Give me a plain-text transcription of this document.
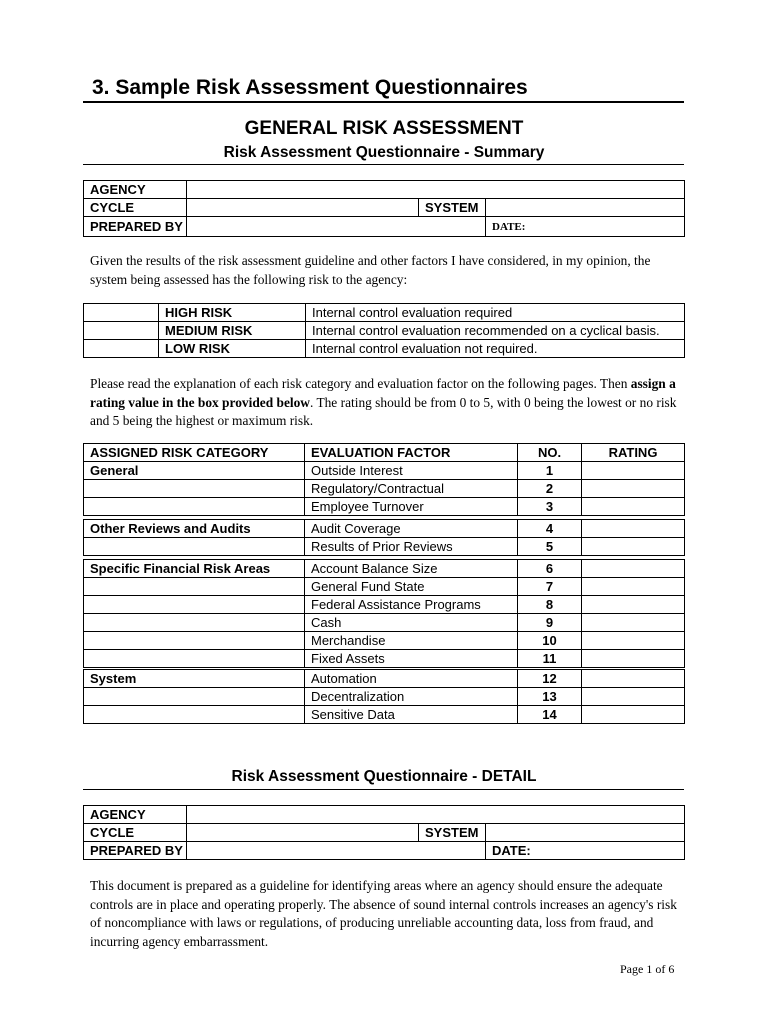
3. Sample Risk Assessment Questionnaires
GENERAL RISK ASSESSMENT
Risk Assessment Questionnaire - Summary
AGENCY			
CYCLE		SYSTEM	
PREPARED BY			DATE:
Given the results of the risk assessment guideline and other factors I have considered, in my opinion, the system being assessed has the following risk to the agency:
	HIGH RISK	Internal control evaluation required
	MEDIUM RISK	Internal control evaluation recommended on a cyclical basis.
	LOW RISK	Internal control evaluation not required.
Please read the explanation of each risk category and evaluation factor on the following pages. Then assign a rating value in the box provided below. The rating should be from 0 to 5, with 0 being the lowest or no risk and 5 being the highest or maximum risk.
ASSIGNED RISK CATEGORY	EVALUATION FACTOR	NO.	RATING
General	Outside Interest	1	
	Regulatory/Contractual	2	
	Employee Turnover	3	

Other Reviews and Audits	Audit Coverage	4	
	Results of Prior Reviews	5	

Specific Financial Risk Areas	Account Balance Size	6	
	General Fund State	7	
	Federal Assistance Programs	8	
	Cash	9	
	Merchandise	10	
	Fixed Assets	11	
System	Automation	12	
	Decentralization	13	
	Sensitive Data	14	
Risk Assessment Questionnaire - DETAIL
AGENCY			
CYCLE		SYSTEM	
PREPARED BY			DATE:
This document is prepared as a guideline for identifying areas where an agency should ensure the adequate controls are in place and operating properly. The absence of sound internal controls increases an agency's risk of noncompliance with laws or regulations, of producing unreliable accounting data, loss from fraud, and incurring agency embarrassment.
Page 1 of 6
